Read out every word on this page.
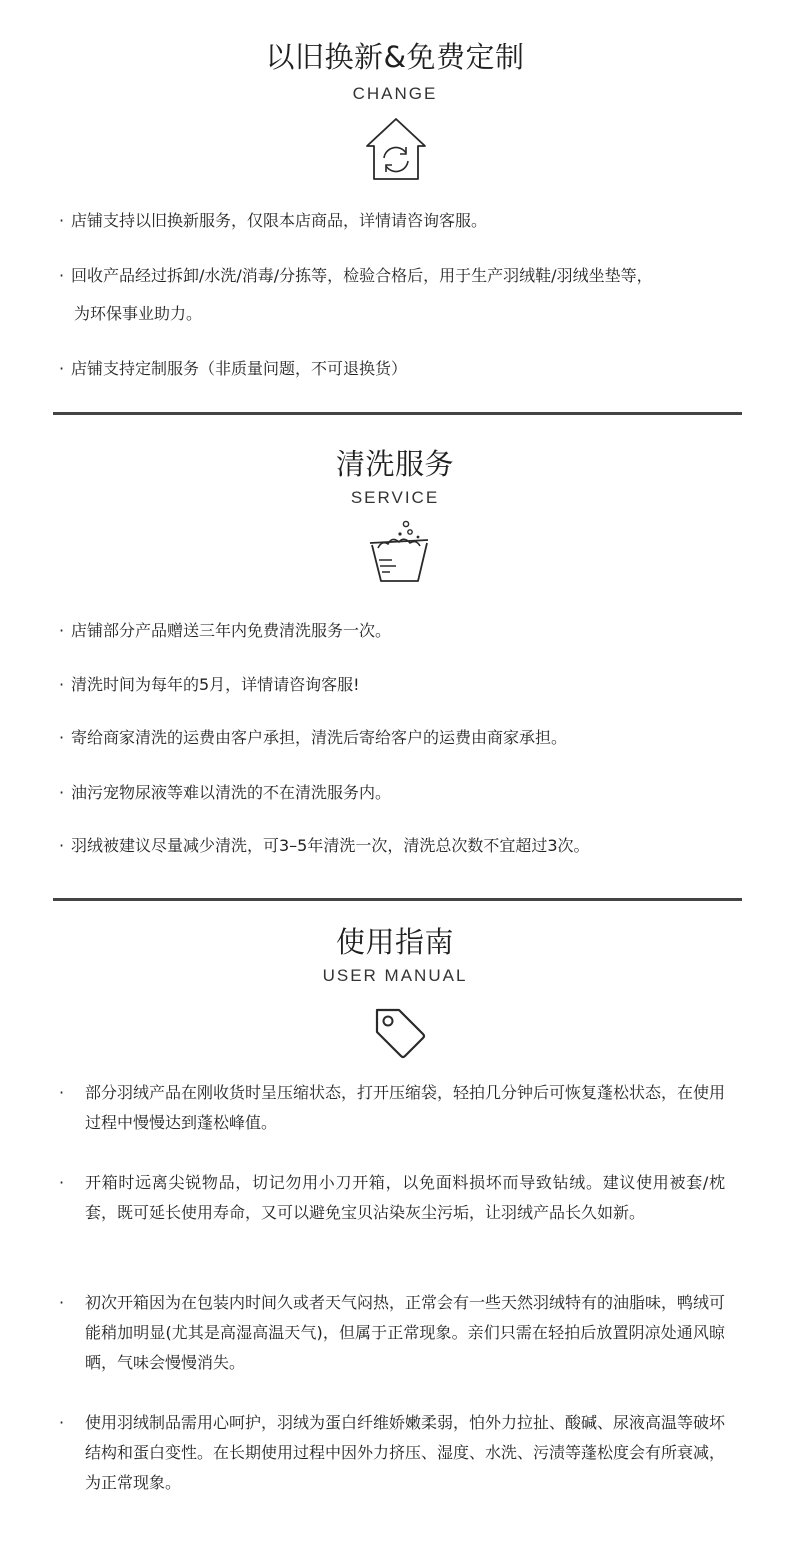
以旧换新&免费定制
CHANGE
· 店铺支持以旧换新服务，仅限本店商品，详情请咨询客服。
· 回收产品经过拆卸/水洗/消毒/分拣等，检验合格后，用于生产羽绒鞋/羽绒坐垫等，
为环保事业助力。
· 店铺支持定制服务（非质量问题，不可退换货）
清洗服务
SERVICE
· 店铺部分产品赠送三年内免费清洗服务一次。
· 清洗时间为每年的5月，详情请咨询客服!
· 寄给商家清洗的运费由客户承担，清洗后寄给客户的运费由商家承担。
· 油污宠物尿液等难以清洗的不在清洗服务内。
· 羽绒被建议尽量减少清洗，可3–5年清洗一次，清洗总次数不宜超过3次。
使用指南
USER MANUAL
· 部分羽绒产品在刚收货时呈压缩状态，打开压缩袋，轻拍几分钟后可恢复蓬松状态，在使用过程中慢慢达到蓬松峰值。
· 开箱时远离尖锐物品，切记勿用小刀开箱，以免面料损坏而导致钻绒。建议使用被套/枕套，既可延长使用寿命，又可以避免宝贝沾染灰尘污垢，让羽绒产品长久如新。
· 初次开箱因为在包装内时间久或者天气闷热，正常会有一些天然羽绒特有的油脂味，鸭绒可能稍加明显(尤其是高湿高温天气)，但属于正常现象。亲们只需在轻拍后放置阴凉处通风晾晒，气味会慢慢消失。
· 使用羽绒制品需用心呵护，羽绒为蛋白纤维娇嫩柔弱，怕外力拉扯、酸碱、尿液高温等破坏结构和蛋白变性。在长期使用过程中因外力挤压、湿度、水洗、污渍等蓬松度会有所衰减，为正常现象。
